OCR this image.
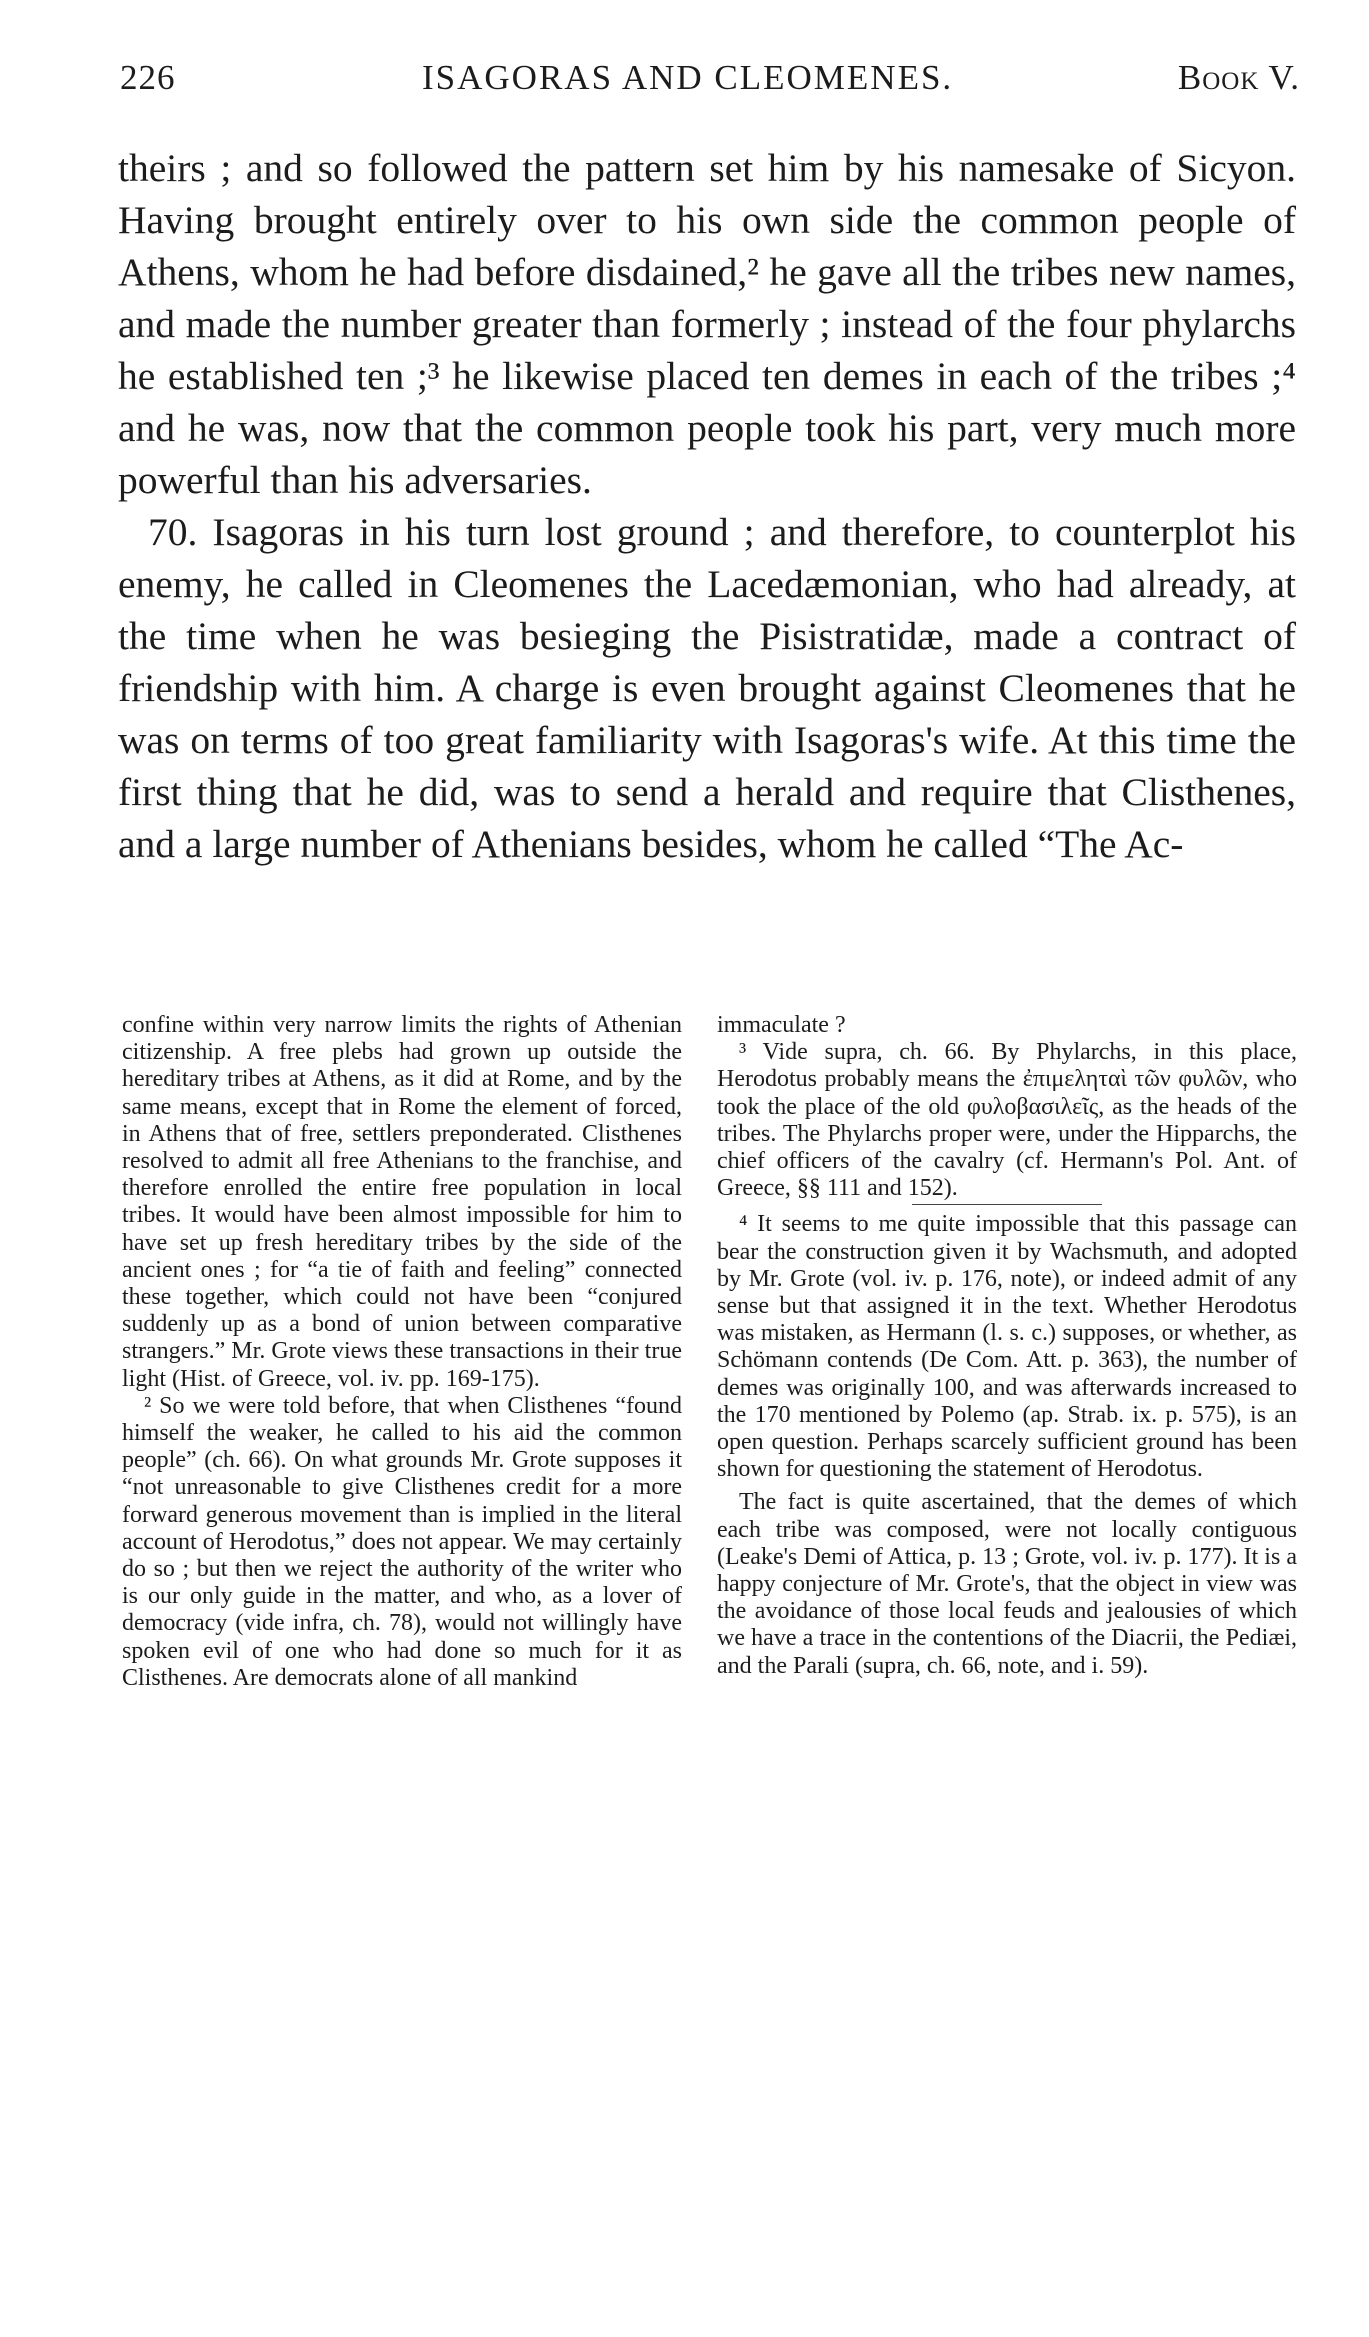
226	ISAGORAS AND CLEOMENES.	Book V.

theirs ; and so followed the pattern set him by his namesake of Sicyon. Having brought entirely over to his own side the common people of Athens, whom he had before disdained,² he gave all the tribes new names, and made the number greater than formerly ; instead of the four phylarchs he established ten ;³ he likewise placed ten demes in each of the tribes ;⁴ and he was, now that the common people took his part, very much more powerful than his adversaries.

70. Isagoras in his turn lost ground ; and therefore, to counterplot his enemy, he called in Cleomenes the Lacedæmonian, who had already, at the time when he was besieging the Pisistratidæ, made a contract of friendship with him. A charge is even brought against Cleomenes that he was on terms of too great familiarity with Isagoras's wife. At this time the first thing that he did, was to send a herald and require that Clisthenes, and a large number of Athenians besides, whom he called “The Ac-

confine within very narrow limits the rights of Athenian citizenship. A free plebs had grown up outside the hereditary tribes at Athens, as it did at Rome, and by the same means, except that in Rome the element of forced, in Athens that of free, settlers preponderated. Clisthenes resolved to admit all free Athenians to the franchise, and therefore enrolled the entire free population in local tribes. It would have been almost impossible for him to have set up fresh hereditary tribes by the side of the ancient ones ; for “a tie of faith and feeling” connected these together, which could not have been “conjured suddenly up as a bond of union between comparative strangers.” Mr. Grote views these transactions in their true light (Hist. of Greece, vol. iv. pp. 169-175).

² So we were told before, that when Clisthenes “found himself the weaker, he called to his aid the common people” (ch. 66). On what grounds Mr. Grote supposes it “not unreasonable to give Clisthenes credit for a more forward generous movement than is implied in the literal account of Herodotus,” does not appear. We may certainly do so ; but then we reject the authority of the writer who is our only guide in the matter, and who, as a lover of democracy (vide infra, ch. 78), would not willingly have spoken evil of one who had done so much for it as Clisthenes. Are democrats alone of all mankind

immaculate ?

³ Vide supra, ch. 66. By Phylarchs, in this place, Herodotus probably means the ἐπιμεληταὶ τῶν φυλῶν, who took the place of the old φυλοβασιλεῖς, as the heads of the tribes. The Phylarchs proper were, under the Hipparchs, the chief officers of the cavalry (cf. Hermann's Pol. Ant. of Greece, §§ 111 and 152).

⁴ It seems to me quite impossible that this passage can bear the construction given it by Wachsmuth, and adopted by Mr. Grote (vol. iv. p. 176, note), or indeed admit of any sense but that assigned it in the text. Whether Herodotus was mistaken, as Hermann (l. s. c.) supposes, or whether, as Schömann contends (De Com. Att. p. 363), the number of demes was originally 100, and was afterwards increased to the 170 mentioned by Polemo (ap. Strab. ix. p. 575), is an open question. Perhaps scarcely sufficient ground has been shown for questioning the statement of Herodotus.

The fact is quite ascertained, that the demes of which each tribe was composed, were not locally contiguous (Leake's Demi of Attica, p. 13 ; Grote, vol. iv. p. 177). It is a happy conjecture of Mr. Grote's, that the object in view was the avoidance of those local feuds and jealousies of which we have a trace in the contentions of the Diacrii, the Pediæi, and the Parali (supra, ch. 66, note, and i. 59).
